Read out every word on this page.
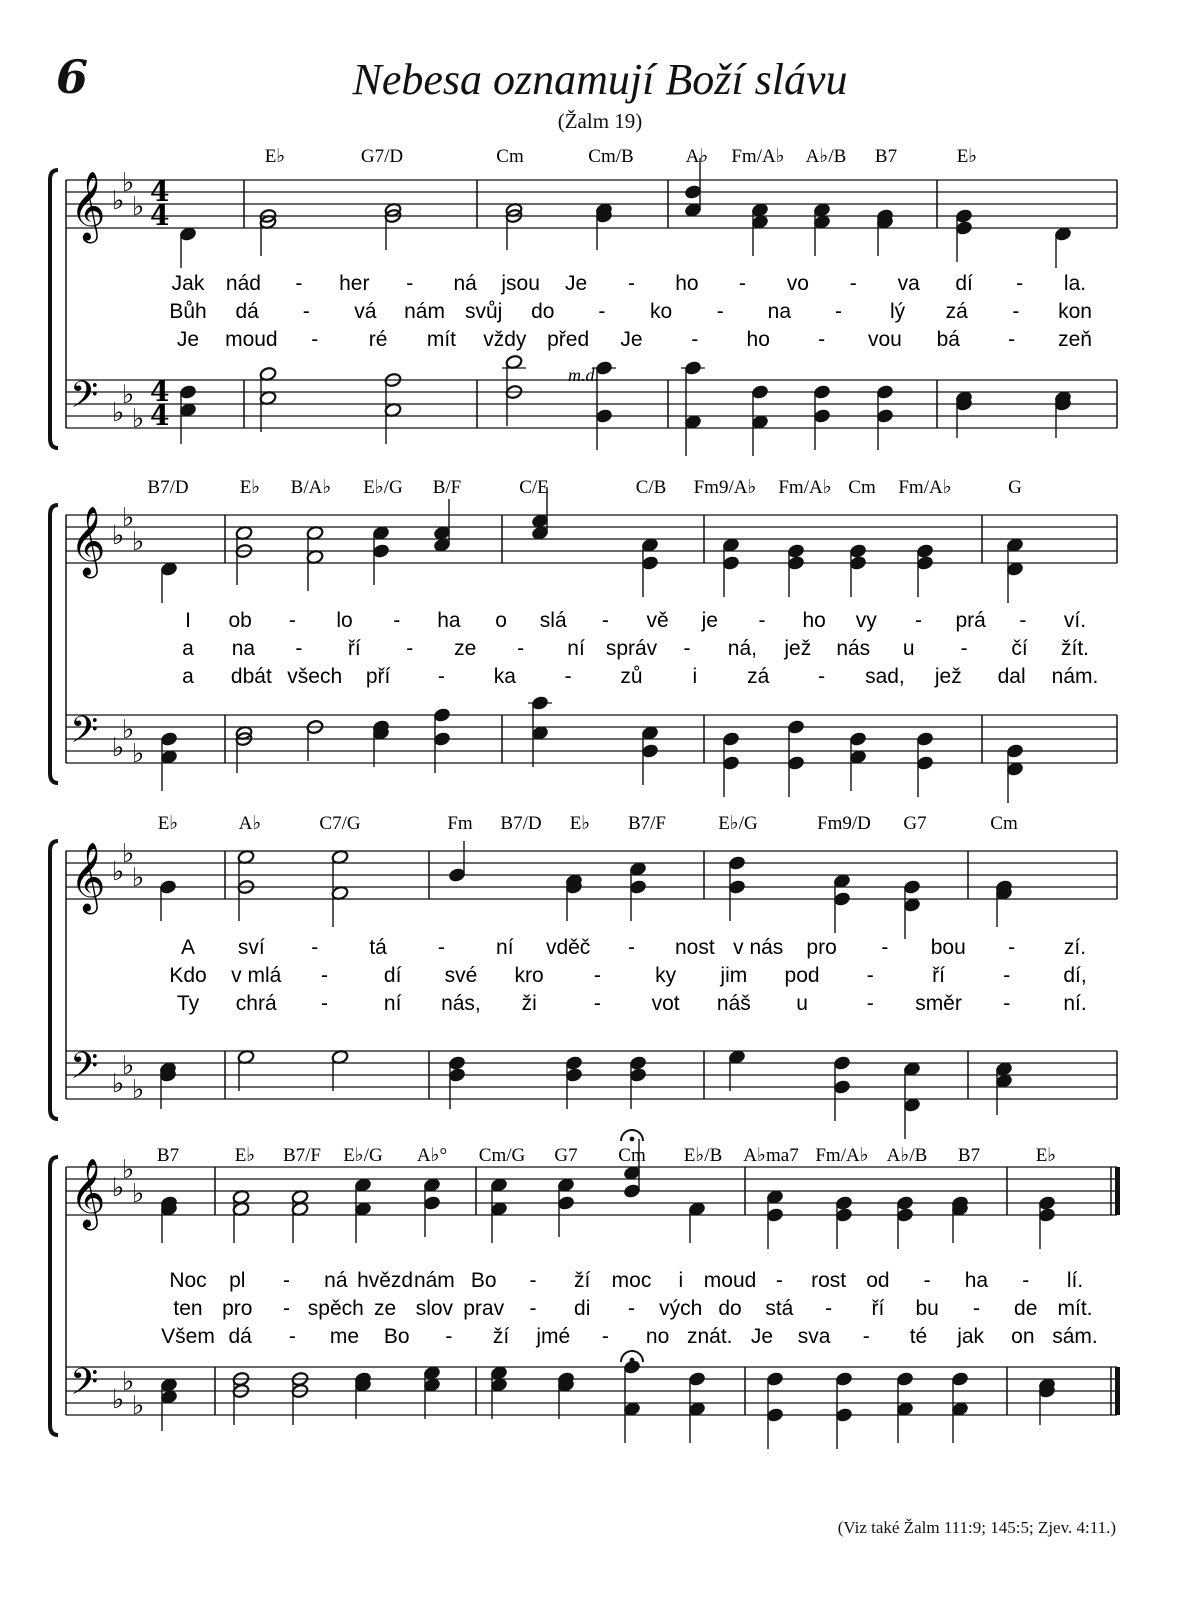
6	Nebesa oznamují Boží slávu
(Žalm 19)
(Viz také Žalm 111:9; 145:5; Zjev. 4:11.)
E♭	G7/D	Cm	Cm/B	A♭ Fm/A♭ A♭/B B7	E♭
Jak nád - her - ná jsou Je - ho - vo - va dí - la.
Bůh dá - vá nám svůj do - ko - na - lý zá - kon
Je moud - ré mít vždy před Je - ho - vou bá - zeň
𝄞 ♭
♭
♭ 4
4
𝄢 ♭
♭
♭
4
4
B7/D	E♭ B/A♭ E♭/G B/F	C/E	C/B Fm9/A♭ Fm/A♭ Cm Fm/A♭	G
I ob - lo - ha o slá - vě je - ho vy - prá - ví.
a na - ří - ze - ní správ - ná, jež nás u - čí žít.
a dbát všech pří - ka - zů i zá - sad, jež dal nám.
𝄞 ♭
♭
♭
𝄢 ♭
♭
♭
E♭	A♭	C7/G	Fm B7/D E♭ B7/F	E♭/G	Fm9/D G7	Cm
A sví - tá - ní vděč - nost v nás pro - bou - zí.
Kdo v mlá -	dí své kro -	ky jim pod -	ří	-	dí,
Ty chrá -	ní nás, ži	- vot náš u	- směr -	ní.
𝄞 ♭
♭
♭
𝄢 ♭
♭
♭
B7	E♭ B7/F E♭/G A♭° Cm/G G7 Cm E♭/B A♭ma7 Fm/A♭ A♭/B B7	E♭
Noc pl - ná hvězd nám Bo - ží moc i moud - rost od - ha - lí.
ten pro - spěch ze slov prav - di - vých do stá - ří bu - de mít.
Všem dá - me Bo - ží jmé - no znát. Je sva - té jak on sám.
𝄞 ♭
♭
♭
𝄢 ♭
♭
♭
m.d.
